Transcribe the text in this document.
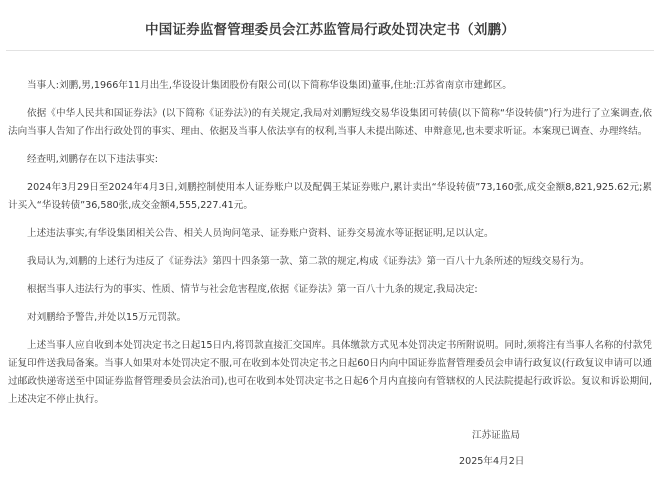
中国证券监督管理委员会江苏监管局行政处罚决定书（刘鹏）
当事人:刘鹏,男,1966年11月出生,华设设计集团股份有限公司(以下简称华设集团)董事,住址:江苏省南京市建邺区。
依据《中华人民共和国证券法》(以下简称《证券法》)的有关规定,我局对刘鹏短线交易华设集团可转债(以下简称“华设转债”)行为进行了立案调查,依法向当事人告知了作出行政处罚的事实、理由、依据及当事人依法享有的权利,当事人未提出陈述、申辩意见,也未要求听证。本案现已调查、办理终结。
经查明,刘鹏存在以下违法事实:
2024年3月29日至2024年4月3日,刘鹏控制使用本人证券账户以及配偶王某证券账户,累计卖出“华设转债”73,160张,成交金额8,821,925.62元;累计买入“华设转债”36,580张,成交金额4,555,227.41元。
上述违法事实,有华设集团相关公告、相关人员询问笔录、证券账户资料、证券交易流水等证据证明,足以认定。
我局认为,刘鹏的上述行为违反了《证券法》第四十四条第一款、第二款的规定,构成《证券法》第一百八十九条所述的短线交易行为。
根据当事人违法行为的事实、性质、情节与社会危害程度,依据《证券法》第一百八十九条的规定,我局决定:
对刘鹏给予警告,并处以15万元罚款。
上述当事人应自收到本处罚决定书之日起15日内,将罚款直接汇交国库。具体缴款方式见本处罚决定书所附说明。同时,须将注有当事人名称的付款凭证复印件送我局备案。当事人如果对本处罚决定不服,可在收到本处罚决定书之日起60日内向中国证券监督管理委员会申请行政复议(行政复议申请可以通过邮政快递寄送至中国证券监督管理委员会法治司),也可在收到本处罚决定书之日起6个月内直接向有管辖权的人民法院提起行政诉讼。复议和诉讼期间,上述决定不停止执行。
江苏证监局
2025年4月2日
